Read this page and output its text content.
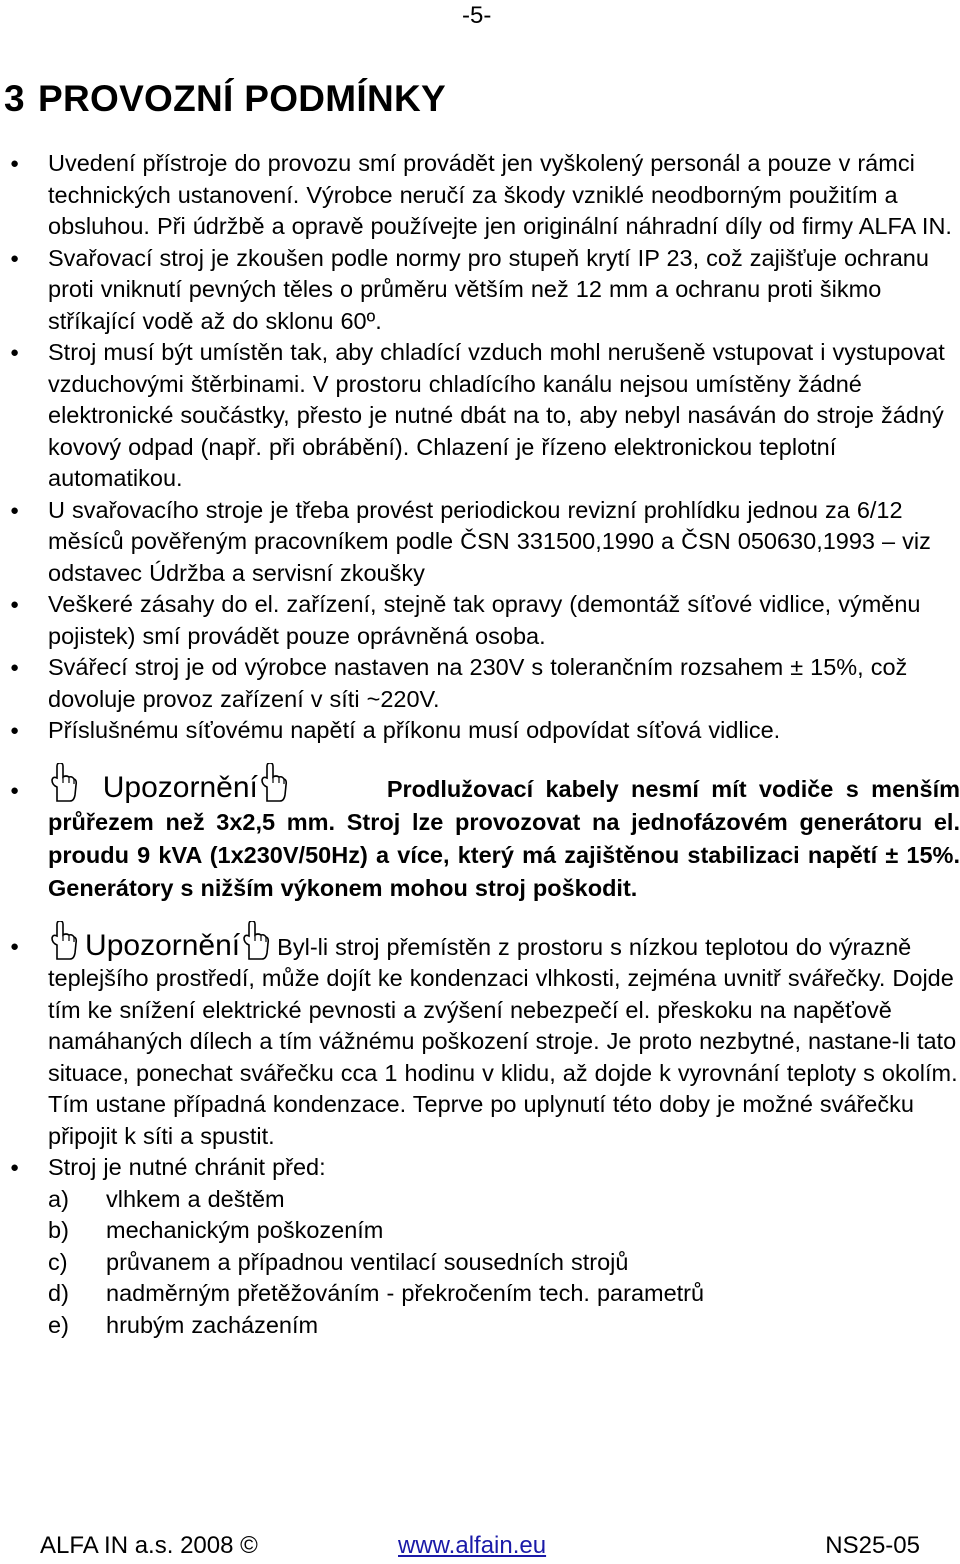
-5-
3 PROVOZNÍ PODMÍNKY
● Uvedení přístroje do provozu smí provádět jen vyškolený personál a pouze v rámci technických ustanovení. Výrobce neručí za škody vzniklé neodborným použitím a obsluhou. Při údržbě a opravě používejte jen originální náhradní díly od firmy ALFA IN.
● Svařovací stroj je zkoušen podle normy pro stupeň krytí IP 23, což zajišťuje ochranu proti vniknutí pevných těles o průměru větším než 12 mm a ochranu proti šikmo stříkající vodě až do sklonu 60º.
● Stroj musí být umístěn tak, aby chladící vzduch mohl nerušeně vstupovat i vystupovat vzduchovými štěrbinami. V prostoru chladícího kanálu nejsou umístěny žádné elektronické součástky, přesto je nutné dbát na to, aby nebyl nasáván do stroje žádný kovový odpad (např. při obrábění). Chlazení je řízeno elektronickou teplotní automatikou.
● U svařovacího stroje je třeba provést periodickou revizní prohlídku jednou za 6/12 měsíců pověřeným pracovníkem podle ČSN 331500,1990 a ČSN 050630,1993 – viz odstavec Údržba a servisní zkoušky
● Veškeré zásahy do el. zařízení, stejně tak opravy (demontáž síťové vidlice, výměnu pojistek) smí provádět pouze oprávněná osoba.
● Svářecí stroj je od výrobce nastaven na 230V s tolerančním rozsahem ± 15%, což dovoluje provoz zařízení v síti ~220V.
● Příslušnému síťovému napětí a příkonu musí odpovídat síťová vidlice.
●	Upozornění	Prodlužovací kabely nesmí mít vodiče s menším průřezem než 3x2,5 mm. Stroj lze provozovat na jednofázovém generátoru el. proudu 9 kVA (1x230V/50Hz) a více, který má zajištěnou stabilizaci napětí ± 15%. Generátory s nižším výkonem mohou stroj poškodit.
●	Upozornění Byl-li stroj přemístěn z prostoru s nízkou teplotou do výrazně teplejšího prostředí, může dojít ke kondenzaci vlhkosti, zejména uvnitř svářečky. Dojde tím ke snížení elektrické pevnosti a zvýšení nebezpečí el. přeskoku na napěťově namáhaných dílech a tím vážnému poškození stroje. Je proto nezbytné, nastane-li tato situace, ponechat svářečku cca 1 hodinu v klidu, až dojde k vyrovnání teploty s okolím. Tím ustane případná kondenzace. Teprve po uplynutí této doby je možné svářečku připojit k síti a spustit.
● Stroj je nutné chránit před:
a) vlhkem a deštěm
b) mechanickým poškozením
c) průvanem a případnou ventilací sousedních strojů
d) nadměrným přetěžováním - překročením tech. parametrů
e) hrubým zacházením
ALFA IN a.s. 2008 ©	www.alfain.eu	NS25-05
